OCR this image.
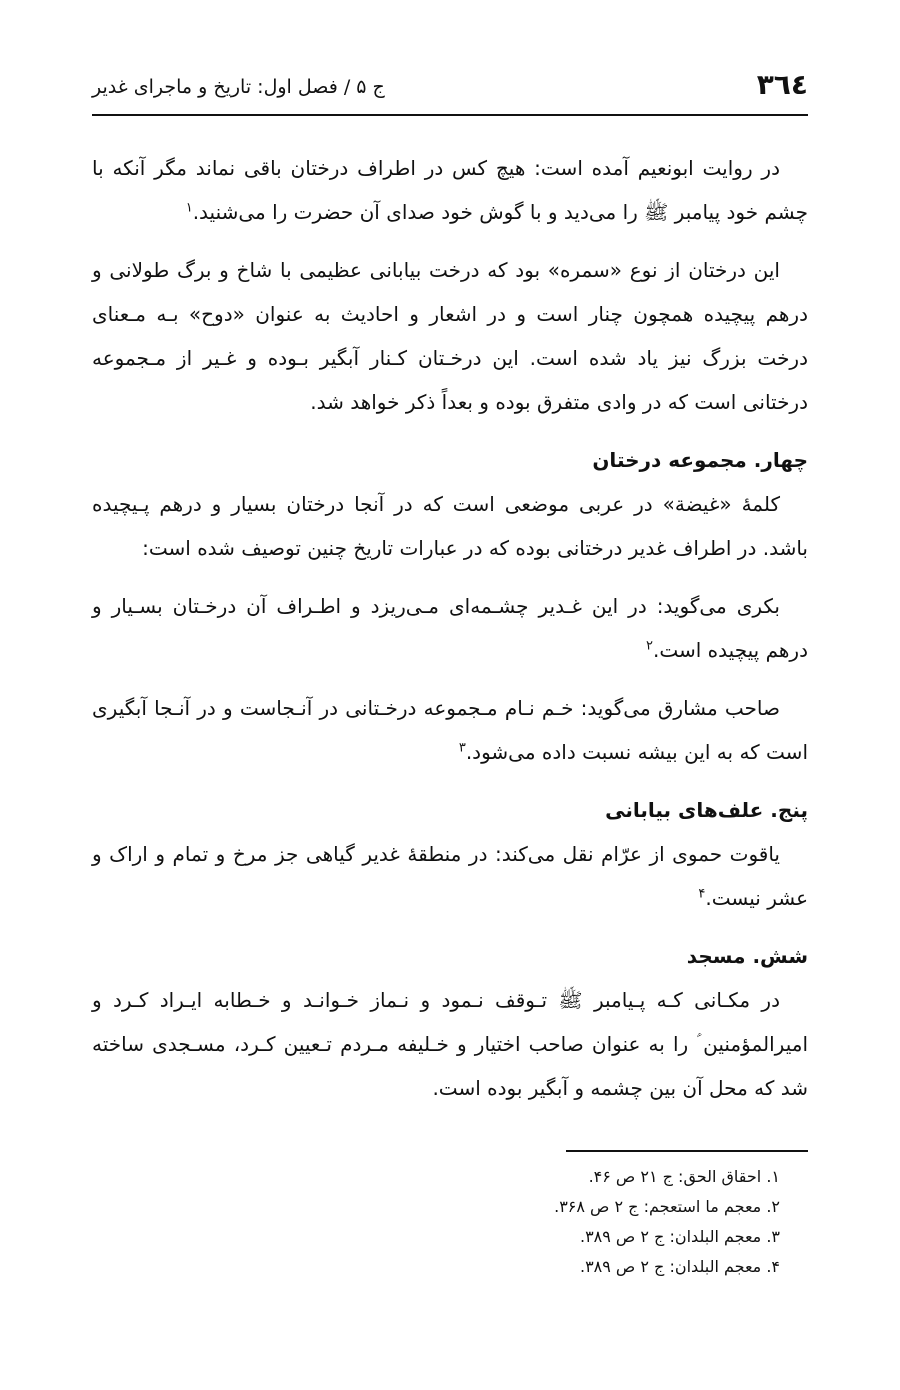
٣٦٤
ج ۵ / فصل اول: تاریخ و ماجرای غدیر

در روایت ابونعیم آمده است: هیچ کس در اطراف درختان باقی نماند مگر آنکه با چشم خود پیامبر ﷺ را می‌دید و با گوش خود صدای آن حضرت را می‌شنید.$^١$

این درختان از نوع «سمره» بود که درخت بیابانی عظیمی با شاخ و برگ طولانی و درهم پیچیده همچون چنار است و در اشعار و احادیث به عنوان «دوح» بـه مـعنای درخت بزرگ نیز یاد شده است. این درخـتان کـنار آبگیر بـوده و غـیر از مـجموعه درختانی است که در وادی متفرق بوده و بعداً ذکر خواهد شد.

چهار. مجموعه درختان

کلمهٔ «غیضة» در عربی موضعی است که در آنجا درختان بسیار و درهم پـیچیده باشد. در اطراف غدیر درختانی بوده که در عبارات تاریخ چنین توصیف شده است:

بکری می‌گوید: در این غـدیر چشـمه‌ای مـی‌ریزد و اطـراف آن درخـتان بسـیار و درهم پیچیده است.$^٢$

صاحب مشارق می‌گوید: خـم نـام مـجموعه درخـتانی در آنـجاست و در آنـجا آبگیری است که به این بیشه نسبت داده می‌شود.$^٣$

پنج. علف‌های بیابانی

یاقوت حموی از عرّام نقل می‌کند: در منطقهٔ غدیر گیاهی جز مرخ و تمام و اراک و عشر نیست.$^۴$

شش. مسجد

در مکـانی کـه پـیامبر ﷺ تـوقف نـمود و نـماز خـوانـد و خـطابه ایـراد کـرد و امیرالمؤمنین ؑ را به عنوان صاحب اختیار و خـلیفه مـردم تـعیین کـرد، مسـجدی ساخته شد که محل آن بین چشمه و آبگیر بوده است.

١. احقاق الحق: ج ٢١ ص ۴۶.

٢. معجم ما استعجم: ج ٢ ص ٣۶٨.

٣. معجم البلدان: ج ٢ ص ٣٨٩.

۴. معجم البلدان: ج ٢ ص ٣٨٩.
